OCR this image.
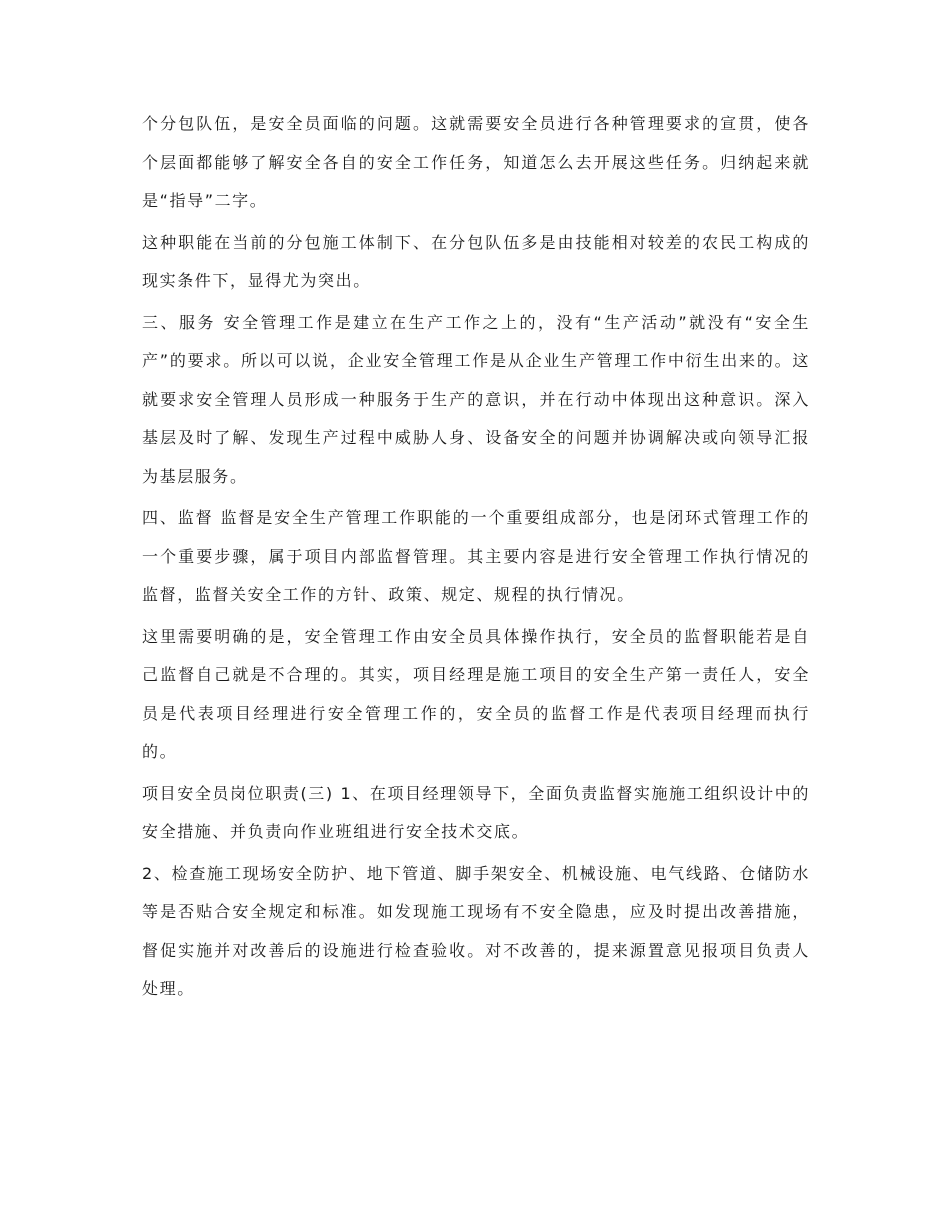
个分包队伍，是安全员面临的问题。这就需要安全员进行各种管理要求的宣贯，使各个层面都能够了解安全各自的安全工作任务，知道怎么去开展这些任务。归纳起来就是“指导”二字。

这种职能在当前的分包施工体制下、在分包队伍多是由技能相对较差的农民工构成的现实条件下，显得尤为突出。

三、服务 安全管理工作是建立在生产工作之上的，没有“生产活动”就没有“安全生产”的要求。所以可以说，企业安全管理工作是从企业生产管理工作中衍生出来的。这就要求安全管理人员形成一种服务于生产的意识，并在行动中体现出这种意识。深入基层及时了解、发现生产过程中威胁人身、设备安全的问题并协调解决或向领导汇报为基层服务。

四、监督 监督是安全生产管理工作职能的一个重要组成部分，也是闭环式管理工作的一个重要步骤，属于项目内部监督管理。其主要内容是进行安全管理工作执行情况的监督，监督关安全工作的方针、政策、规定、规程的执行情况。

这里需要明确的是，安全管理工作由安全员具体操作执行，安全员的监督职能若是自己监督自己就是不合理的。其实，项目经理是施工项目的安全生产第一责任人，安全员是代表项目经理进行安全管理工作的，安全员的监督工作是代表项目经理而执行的。

项目安全员岗位职责(三) 1、在项目经理领导下，全面负责监督实施施工组织设计中的安全措施、并负责向作业班组进行安全技术交底。

2、检查施工现场安全防护、地下管道、脚手架安全、机械设施、电气线路、仓储防水等是否贴合安全规定和标准。如发现施工现场有不安全隐患，应及时提出改善措施，督促实施并对改善后的设施进行检查验收。对不改善的，提来源置意见报项目负责人处理。
